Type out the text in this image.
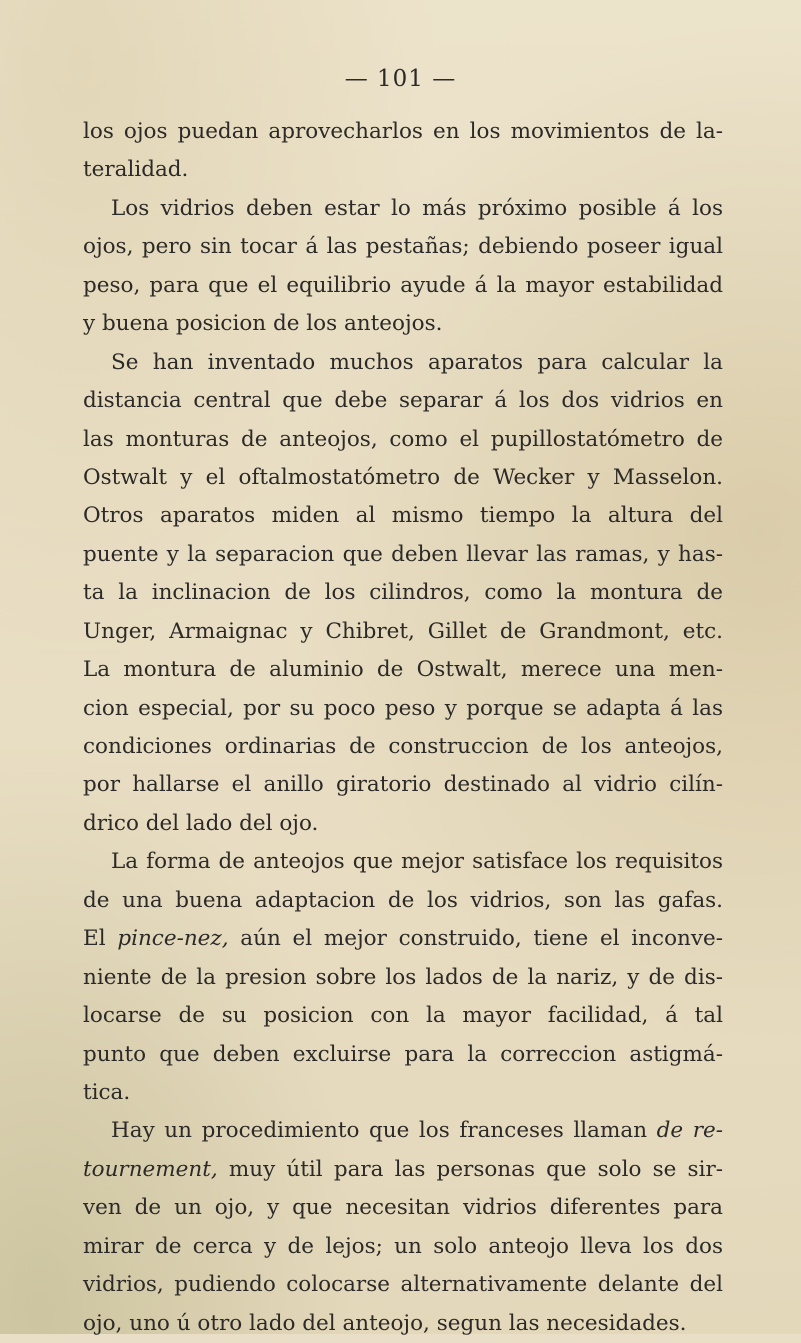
— 101 —
los ojos puedan aprovecharlos en los movimientos de la-
teralidad.
Los vidrios deben estar lo más próximo posible á los
ojos, pero sin tocar á las pestañas; debiendo poseer igual
peso, para que el equilibrio ayude á la mayor estabilidad
y buena posicion de los anteojos.
Se han inventado muchos aparatos para calcular la
distancia central que debe separar á los dos vidrios en
las monturas de anteojos, como el pupillostatómetro de
Ostwalt y el oftalmostatómetro de Wecker y Masselon.
Otros aparatos miden al mismo tiempo la altura del
puente y la separacion que deben llevar las ramas, y has-
ta la inclinacion de los cilindros, como la montura de
Unger, Armaignac y Chibret, Gillet de Grandmont, etc.
La montura de aluminio de Ostwalt, merece una men-
cion especial, por su poco peso y porque se adapta á las
condiciones ordinarias de construccion de los anteojos,
por hallarse el anillo giratorio destinado al vidrio cilín-
drico del lado del ojo.
La forma de anteojos que mejor satisface los requisitos
de una buena adaptacion de los vidrios, son las gafas.
El pince-nez, aún el mejor construido, tiene el inconve-
niente de la presion sobre los lados de la nariz, y de dis-
locarse de su posicion con la mayor facilidad, á tal
punto que deben excluirse para la correccion astigmá-
tica.
Hay un procedimiento que los franceses llaman de re-
tournement, muy útil para las personas que solo se sir-
ven de un ojo, y que necesitan vidrios diferentes para
mirar de cerca y de lejos; un solo anteojo lleva los dos
vidrios, pudiendo colocarse alternativamente delante del
ojo, uno ú otro lado del anteojo, segun las necesidades.
